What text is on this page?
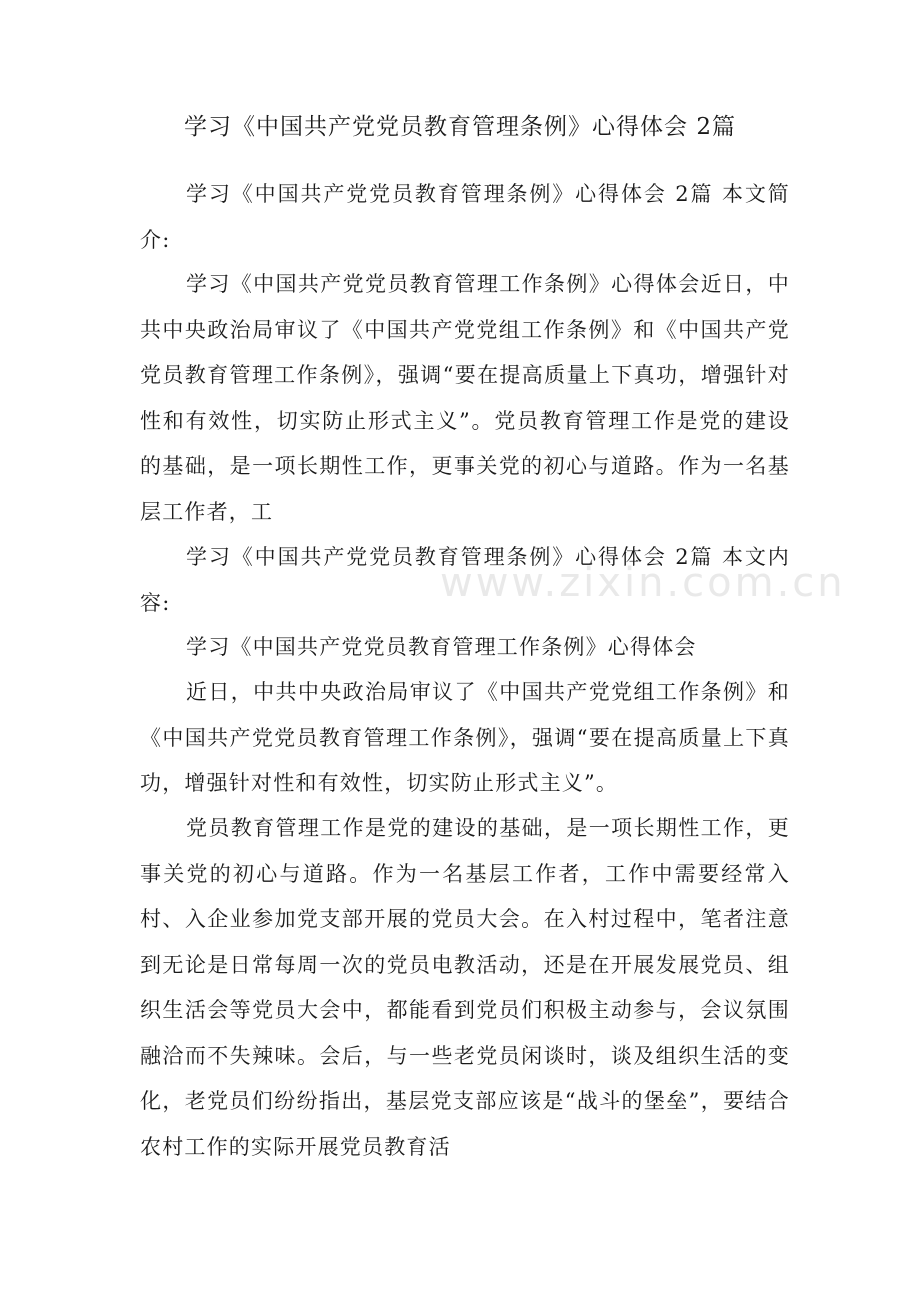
www.zixin.com.cn
学习《中国共产党党员教育管理条例》心得体会 2篇

学习《中国共产党党员教育管理条例》心得体会 2篇 本文简介:

学习《中国共产党党员教育管理工作条例》心得体会近日，中共中央政治局审议了《中国共产党党组工作条例》和《中国共产党党员教育管理工作条例》，强调“要在提高质量上下真功，增强针对性和有效性，切实防止形式主义”。党员教育管理工作是党的建设的基础，是一项长期性工作，更事关党的初心与道路。作为一名基层工作者，工

学习《中国共产党党员教育管理条例》心得体会 2篇 本文内容:

学习《中国共产党党员教育管理工作条例》心得体会

近日，中共中央政治局审议了《中国共产党党组工作条例》和《中国共产党党员教育管理工作条例》，强调“要在提高质量上下真功，增强针对性和有效性，切实防止形式主义”。

党员教育管理工作是党的建设的基础，是一项长期性工作，更事关党的初心与道路。作为一名基层工作者，工作中需要经常入村、入企业参加党支部开展的党员大会。在入村过程中，笔者注意到无论是日常每周一次的党员电教活动，还是在开展发展党员、组织生活会等党员大会中，都能看到党员们积极主动参与，会议氛围融洽而不失辣味。会后，与一些老党员闲谈时，谈及组织生活的变化，老党员们纷纷指出，基层党支部应该是“战斗的堡垒”，要结合农村工作的实际开展党员教育活
